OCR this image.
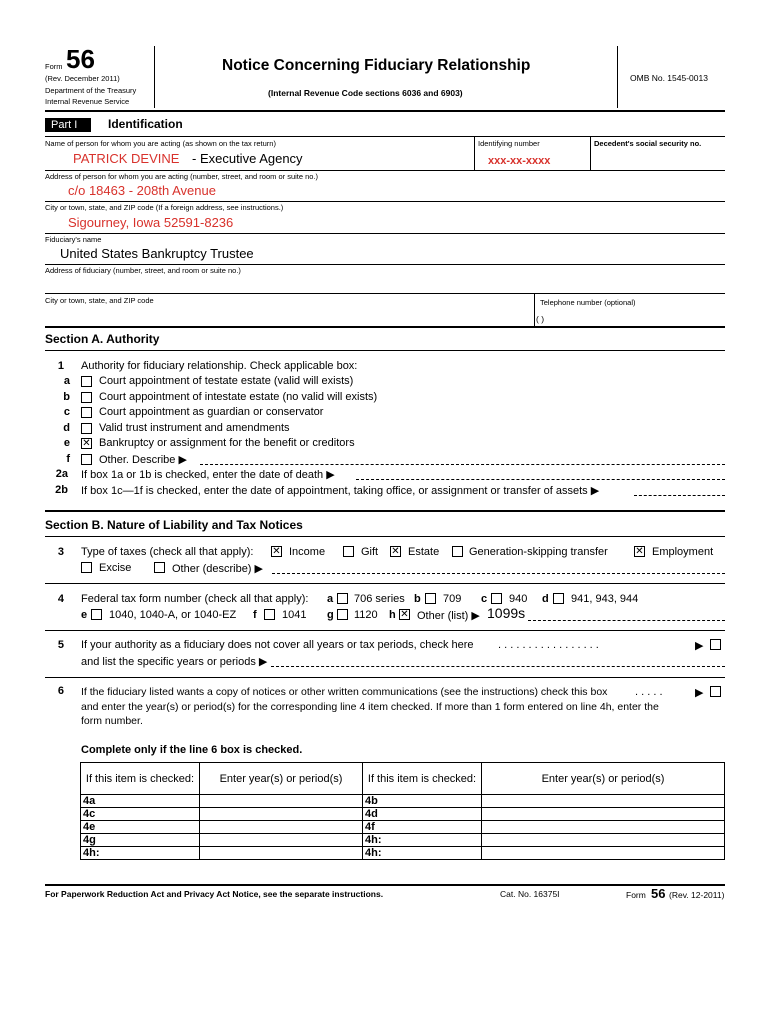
Form 56
(Rev. December 2011)
Department of the Treasury
Internal Revenue Service
Notice Concerning Fiduciary Relationship
(Internal Revenue Code sections 6036 and 6903)
OMB No. 1545-0013
Part I	Identification
Name of person for whom you are acting (as shown on the tax return)
PATRICK DEVINE - Executive Agency
Identifying number
xxx-xx-xxxx
Decedent's social security no.
Address of person for whom you are acting (number, street, and room or suite no.)
c/o 18463 - 208th Avenue
City or town, state, and ZIP code (If a foreign address, see instructions.)
Sigourney, Iowa 52591-8236
Fiduciary's name
United States Bankruptcy Trustee
Address of fiduciary (number, street, and room or suite no.)
City or town, state, and ZIP code	Telephone number (optional)
( )
Section A. Authority
1 Authority for fiduciary relationship. Check applicable box:
a	Court appointment of testate estate (valid will exists)
b	Court appointment of intestate estate (no valid will exists)
c	Court appointment as guardian or conservator
d	Valid trust instrument and amendments
e ✕	Bankruptcy or assignment for the benefit or creditors
f	Other. Describe ▶
2a If box 1a or 1b is checked, enter the date of death ▶
2b If box 1c—1f is checked, enter the date of appointment, taking office, or assignment or transfer of assets ▶
Section B. Nature of Liability and Tax Notices
3 Type of taxes (check all that apply): ✕	Income	Gift ✕	Estate	Generation-skipping transfer ✕	Employment
Excise	Other (describe) ▶
4 Federal tax form number (check all that apply): a 706 series b 709 c 940 d 941, 943, 944
e 1040, 1040-A, or 1040-EZ f 1041 g 1120 h ✕ Other (list) ▶ 1099s
5 If your authority as a fiduciary does not cover all years or tax periods, check here . . . . . . . . . . . . . . . . .	▶
and list the specific years or periods ▶
6 If the fiduciary listed wants a copy of notices or other written communications (see the instructions) check this box	. . . . .	▶
and enter the year(s) or period(s) for the corresponding line 4 item checked. If more than 1 form entered on line 4h, enter the
form number.
Complete only if the line 6 box is checked.
If this item is checked:	Enter year(s) or period(s)	If this item is checked:	Enter year(s) or period(s)
4a		4b	
4c		4d	
4e		4f	
4g		4h:	
4h:		4h:	
For Paperwork Reduction Act and Privacy Act Notice, see the separate instructions.	Cat. No. 16375I	Form 56 (Rev. 12-2011)
